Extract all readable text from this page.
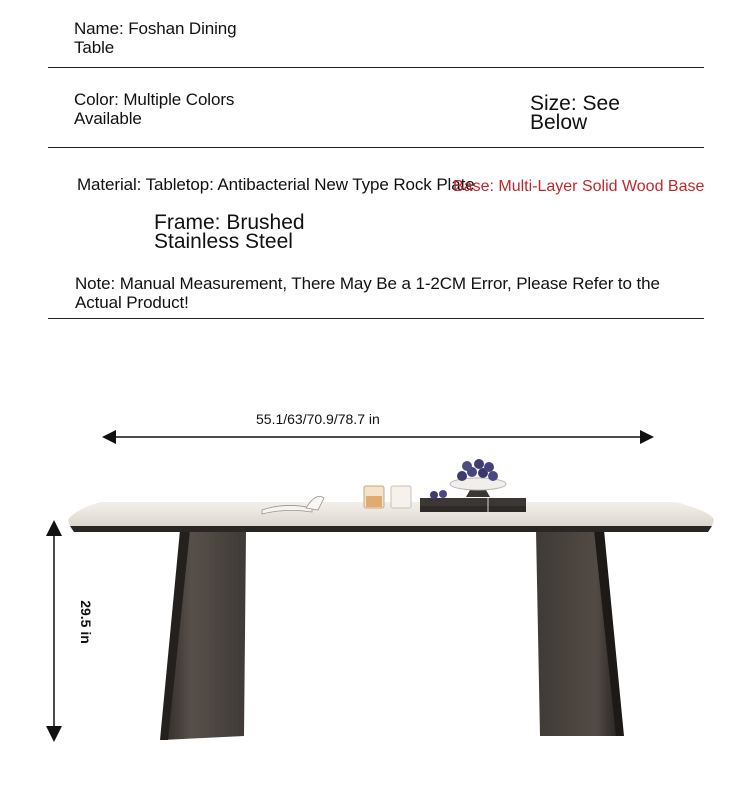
Name: Foshan Dining
Table
Color: Multiple Colors
Available
Size: See
Below
Material: Tabletop: Antibacterial New Type Rock Plate
Base: Multi-Layer Solid Wood Base
Frame: Brushed
Stainless Steel
Note: Manual Measurement, There May Be a 1-2CM Error, Please Refer to the
Actual Product!
55.1/63/70.9/78.7 in
29.5 in
